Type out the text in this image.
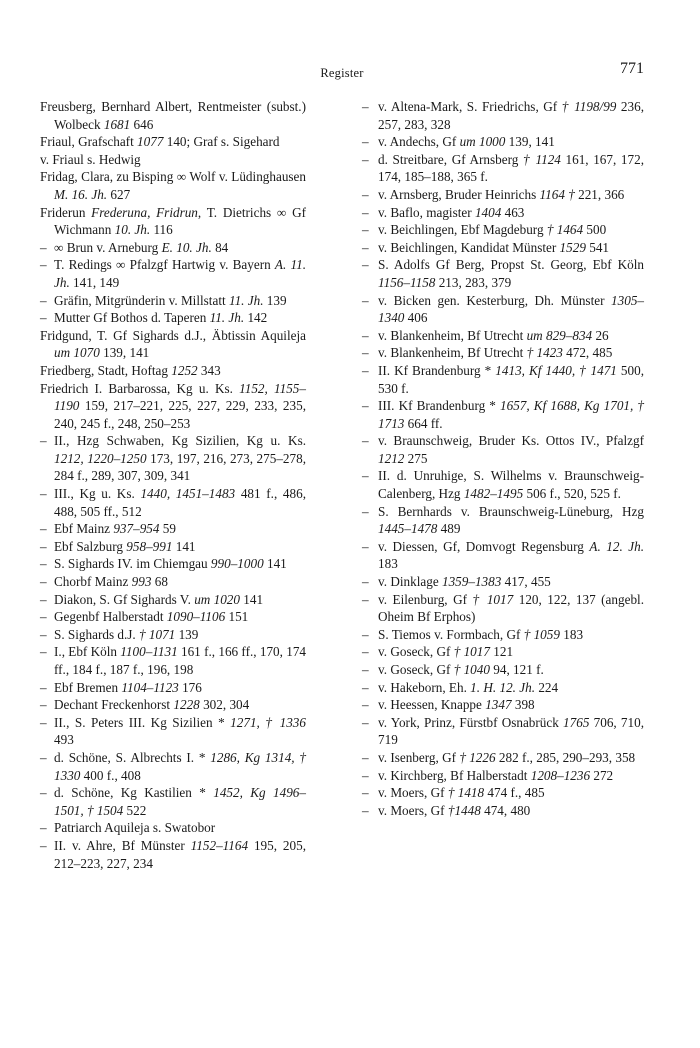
Register	771
Freusberg, Bernhard Albert, Rentmeister (subst.) Wolbeck 1681 646
Friaul, Grafschaft 1077 140; Graf s. Sigehard
v. Friaul s. Hedwig
Fridag, Clara, zu Bisping ∞ Wolf v. Lüdinghausen M. 16. Jh. 627
Friderun Frederuna, Fridrun, T. Dietrichs ∞ Gf Wichmann 10. Jh. 116
– ∞ Brun v. Arneburg E. 10. Jh. 84
– T. Redings ∞ Pfalzgf Hartwig v. Bayern A. 11. Jh. 141, 149
– Gräfin, Mitgründerin v. Millstatt 11. Jh. 139
– Mutter Gf Bothos d. Taperen 11. Jh. 142
Fridgund, T. Gf Sighards d.J., Äbtissin Aquileja um 1070 139, 141
Friedberg, Stadt, Hoftag 1252 343
Friedrich I. Barbarossa, Kg u. Ks. 1152, 1155–1190 159, 217–221, 225, 227, 229, 233, 235, 240, 245 f., 248, 250–253
– II., Hzg Schwaben, Kg Sizilien, Kg u. Ks. 1212, 1220–1250 173, 197, 216, 273, 275–278, 284 f., 289, 307, 309, 341
– III., Kg u. Ks. 1440, 1451–1483 481 f., 486, 488, 505 ff., 512
– Ebf Mainz 937–954 59
– Ebf Salzburg 958–991 141
– S. Sighards IV. im Chiemgau 990–1000 141
– Chorbf Mainz 993 68
– Diakon, S. Gf Sighards V. um 1020 141
– Gegenbf Halberstadt 1090–1106 151
– S. Sighards d.J. † 1071 139
– I., Ebf Köln 1100–1131 161 f., 166 ff., 170, 174 ff., 184 f., 187 f., 196, 198
– Ebf Bremen 1104–1123 176
– Dechant Freckenhorst 1228 302, 304
– II., S. Peters III. Kg Sizilien * 1271, † 1336 493
– d. Schöne, S. Albrechts I. * 1286, Kg 1314, † 1330 400 f., 408
– d. Schöne, Kg Kastilien * 1452, Kg 1496–1501, † 1504 522
– Patriarch Aquileja s. Swatobor
– II. v. Ahre, Bf Münster 1152–1164 195, 205, 212–223, 227, 234
– v. Altena-Mark, S. Friedrichs, Gf † 1198/99 236, 257, 283, 328
– v. Andechs, Gf um 1000 139, 141
– d. Streitbare, Gf Arnsberg † 1124 161, 167, 172, 174, 185–188, 365 f.
– v. Arnsberg, Bruder Heinrichs 1164 † 221, 366
– v. Baflo, magister 1404 463
– v. Beichlingen, Ebf Magdeburg † 1464 500
– v. Beichlingen, Kandidat Münster 1529 541
– S. Adolfs Gf Berg, Propst St. Georg, Ebf Köln 1156–1158 213, 283, 379
– v. Bicken gen. Kesterburg, Dh. Münster 1305–1340 406
– v. Blankenheim, Bf Utrecht um 829–834 26
– v. Blankenheim, Bf Utrecht † 1423 472, 485
– II. Kf Brandenburg * 1413, Kf 1440, † 1471 500, 530 f.
– III. Kf Brandenburg * 1657, Kf 1688, Kg 1701, † 1713 664 ff.
– v. Braunschweig, Bruder Ks. Ottos IV., Pfalzgf 1212 275
– II. d. Unruhige, S. Wilhelms v. Braunschweig-Calenberg, Hzg 1482–1495 506 f., 520, 525 f.
– S. Bernhards v. Braunschweig-Lüneburg, Hzg 1445–1478 489
– v. Diessen, Gf, Domvogt Regensburg A. 12. Jh. 183
– v. Dinklage 1359–1383 417, 455
– v. Eilenburg, Gf † 1017 120, 122, 137 (angebl. Oheim Bf Erphos)
– S. Tiemos v. Formbach, Gf † 1059 183
– v. Goseck, Gf † 1017 121
– v. Goseck, Gf † 1040 94, 121 f.
– v. Hakeborn, Eh. 1. H. 12. Jh. 224
– v. Heessen, Knappe 1347 398
– v. York, Prinz, Fürstbf Osnabrück 1765 706, 710, 719
– v. Isenberg, Gf † 1226 282 f., 285, 290–293, 358
– v. Kirchberg, Bf Halberstadt 1208–1236 272
– v. Moers, Gf † 1418 474 f., 485
– v. Moers, Gf †1448 474, 480
